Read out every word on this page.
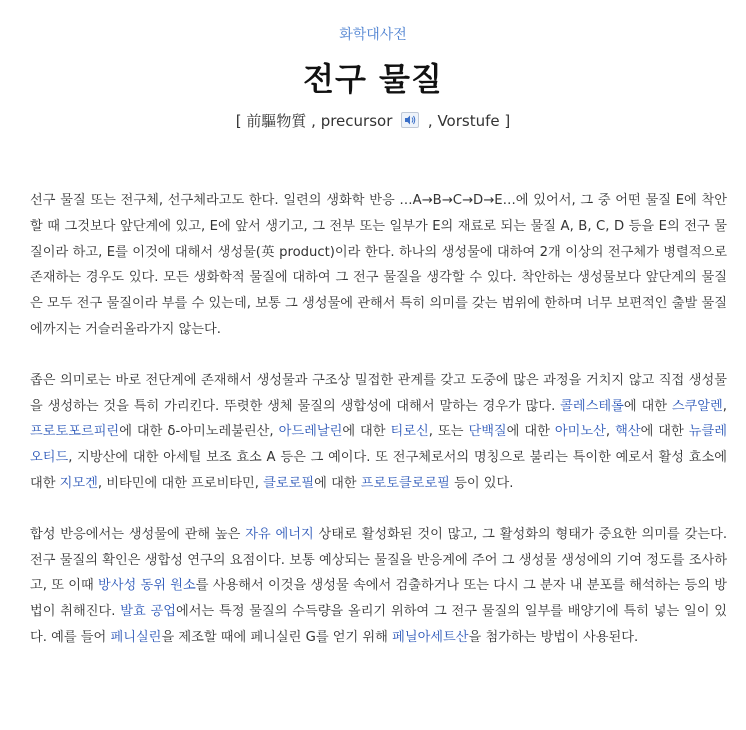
화학대사전
전구 물질
[ 前驅物質 , precursor
, Vorstufe ]

선구 물질 또는 전구체, 선구체라고도 한다. 일련의 생화학 반응 …A→B→C→D→E…에 있어서, 그 중 어떤 물질 E에 착안할 때 그것보다 앞단계에 있고, E에 앞서 생기고, 그 전부 또는 일부가 E의 재료로 되는 물질 A, B, C, D 등을 E의 전구 물질이라 하고, E를 이것에 대해서 생성물(英 product)이라 한다. 하나의 생성물에 대하여 2개 이상의 전구체가 병렬적으로 존재하는 경우도 있다. 모든 생화학적 물질에 대하여 그 전구 물질을 생각할 수 있다. 착안하는 생성물보다 앞단계의 물질은 모두 전구 물질이라 부를 수 있는데, 보통 그 생성물에 관해서 특히 의미를 갖는 범위에 한하며 너무 보편적인 출발 물질에까지는 거슬러올라가지 않는다.

좁은 의미로는 바로 전단계에 존재해서 생성물과 구조상 밀접한 관계를 갖고 도중에 많은 과정을 거치지 않고 직접 생성물을 생성하는 것을 특히 가리킨다. 뚜렷한 생체 물질의 생합성에 대해서 말하는 경우가 많다. 콜레스테롤에 대한 스쿠알렌, 프로토포르피린에 대한 δ-아미노레불린산, 아드레날린에 대한 티로신, 또는 단백질에 대한 아미노산, 핵산에 대한 뉴클레오티드, 지방산에 대한 아세틸 보조 효소 A 등은 그 예이다. 또 전구체로서의 명칭으로 불리는 특이한 예로서 활성 효소에 대한 지모겐, 비타민에 대한 프로비타민, 클로로필에 대한 프로토클로로필 등이 있다.

합성 반응에서는 생성물에 관해 높은 자유 에너지 상태로 활성화된 것이 많고, 그 활성화의 형태가 중요한 의미를 갖는다. 전구 물질의 확인은 생합성 연구의 요점이다. 보통 예상되는 물질을 반응계에 주어 그 생성물 생성에의 기여 정도를 조사하고, 또 이때 방사성 동위 원소를 사용해서 이것을 생성물 속에서 검출하거나 또는 다시 그 분자 내 분포를 해석하는 등의 방법이 취해진다. 발효 공업에서는 특정 물질의 수득량을 올리기 위하여 그 전구 물질의 일부를 배양기에 특히 넣는 일이 있다. 예를 들어 페니실린을 제조할 때에 페니실린 G를 얻기 위해 페닐아세트산을 첨가하는 방법이 사용된다.
